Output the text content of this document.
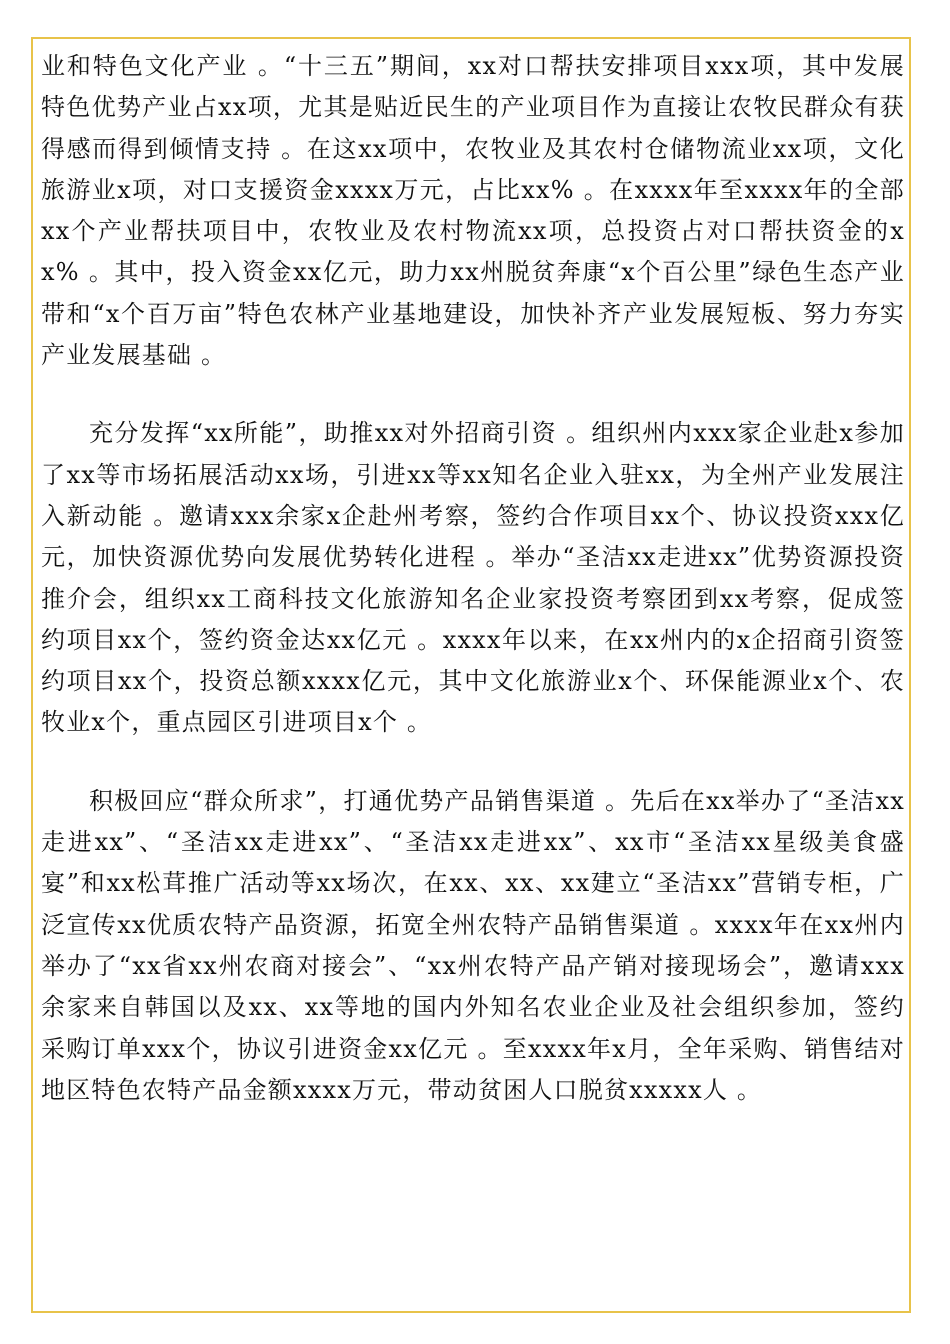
业和特色文化产业 。“十三五”期间，xx对口帮扶安排项目xxx项，其中发展特色优势产业占xx项，尤其是贴近民生的产业项目作为直接让农牧民群众有获得感而得到倾情支持 。在这xx项中，农牧业及其农村仓储物流业xx项，文化旅游业x项，对口支援资金xxxx万元，占比xx% 。在xxxx年至xxxx年的全部xx个产业帮扶项目中，农牧业及农村物流xx项，总投资占对口帮扶资金的xx% 。其中，投入资金xx亿元，助力xx州脱贫奔康“x个百公里”绿色生态产业带和“x个百万亩”特色农林产业基地建设，加快补齐产业发展短板、努力夯实产业发展基础 。

充分发挥“xx所能”，助推xx对外招商引资 。组织州内xxx家企业赴x参加了xx等市场拓展活动xx场，引进xx等xx知名企业入驻xx，为全州产业发展注入新动能 。邀请xxx余家x企赴州考察，签约合作项目xx个、协议投资xxx亿元，加快资源优势向发展优势转化进程 。举办“圣洁xx走进xx”优势资源投资推介会，组织xx工商科技文化旅游知名企业家投资考察团到xx考察，促成签约项目xx个，签约资金达xx亿元 。xxxx年以来，在xx州内的x企招商引资签约项目xx个，投资总额xxxx亿元，其中文化旅游业x个、环保能源业x个、农牧业x个，重点园区引进项目x个 。

积极回应“群众所求”，打通优势产品销售渠道 。先后在xx举办了“圣洁xx走进xx”、“圣洁xx走进xx”、“圣洁xx走进xx”、xx市“圣洁xx星级美食盛宴”和xx松茸推广活动等xx场次，在xx、xx、xx建立“圣洁xx”营销专柜，广泛宣传xx优质农特产品资源，拓宽全州农特产品销售渠道 。xxxx年在xx州内举办了“xx省xx州农商对接会”、“xx州农特产品产销对接现场会”，邀请xxx余家来自韩国以及xx、xx等地的国内外知名农业企业及社会组织参加，签约采购订单xxx个，协议引进资金xx亿元 。至xxxx年x月，全年采购、销售结对地区特色农特产品金额xxxx万元，带动贫困人口脱贫xxxxx人 。
